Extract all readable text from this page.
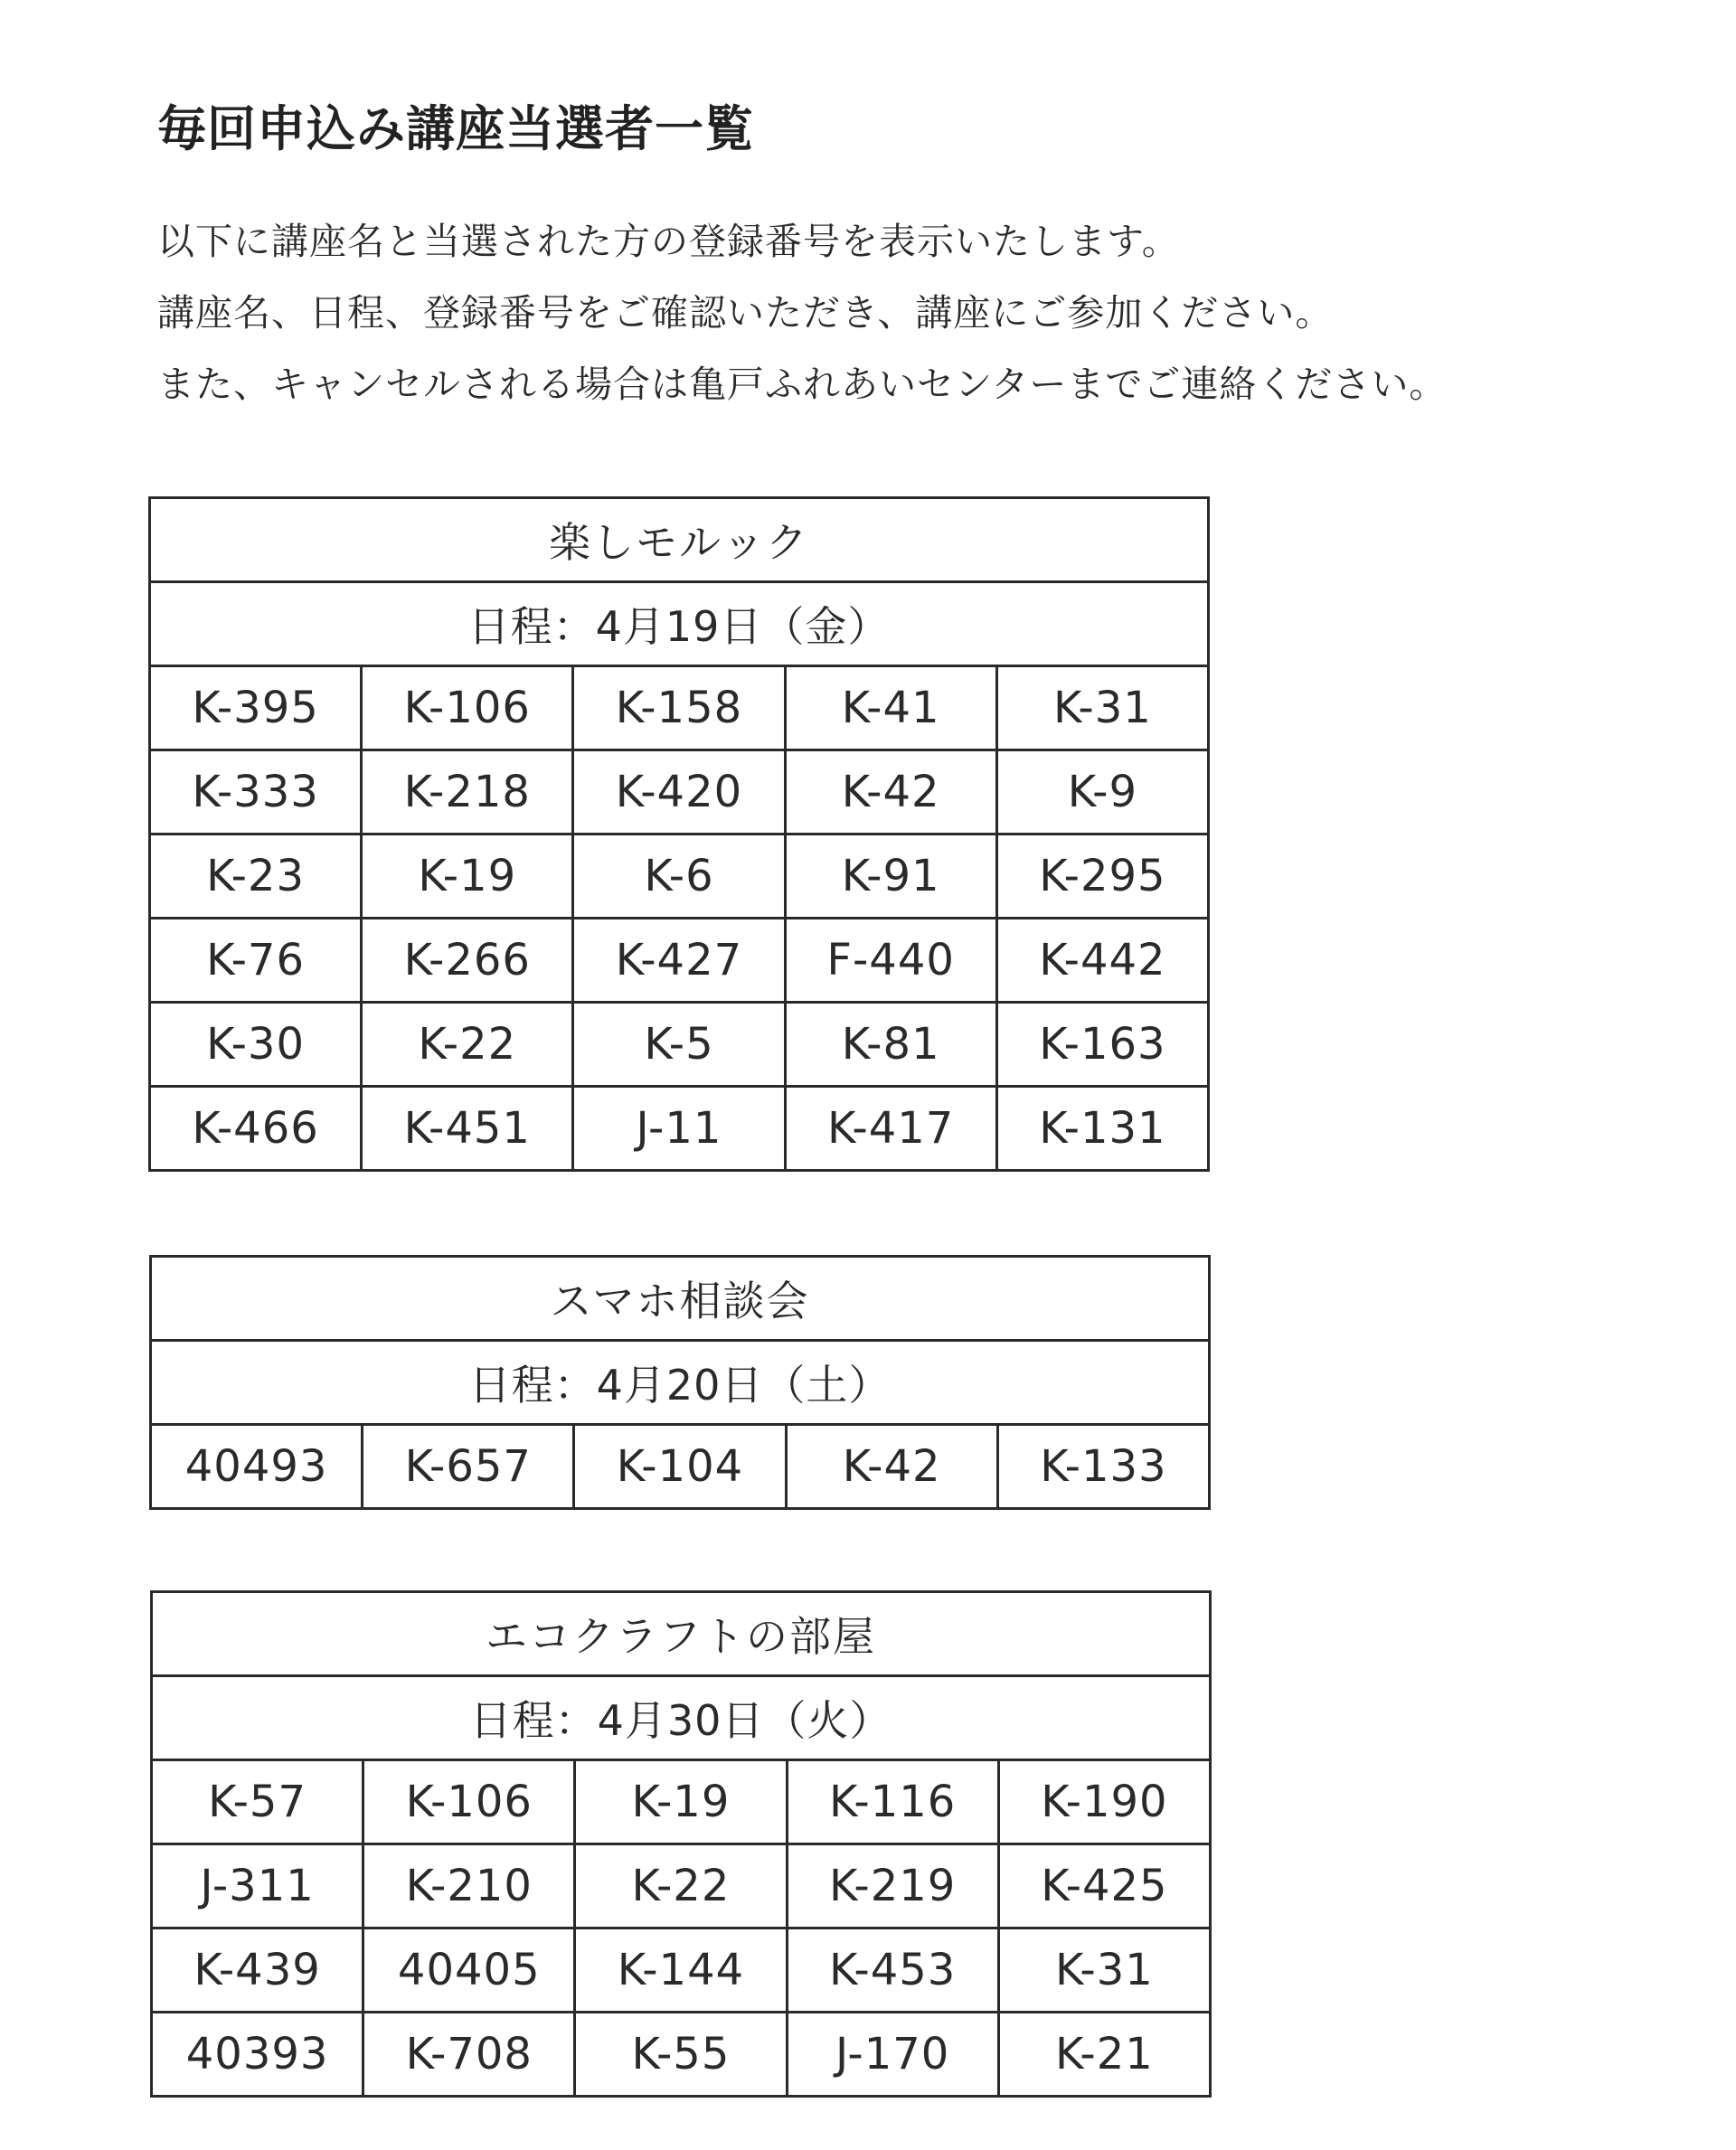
毎回申込み講座当選者一覧
以下に講座名と当選された方の登録番号を表示いたします。
講座名、日程、登録番号をご確認いただき、講座にご参加ください。
また、キャンセルされる場合は亀戸ふれあいセンターまでご連絡ください。
楽しモルック				
日程：4月19日（金）				
K-395	K-106	K-158	K-41	K-31
K-333	K-218	K-420	K-42	K-9
K-23	K-19	K-6	K-91	K-295
K-76	K-266	K-427	F-440	K-442
K-30	K-22	K-5	K-81	K-163
K-466	K-451	J-11	K-417	K-131
スマホ相談会
日程：4月20日（土）
40493	K-657	K-104	K-42	K-133
エコクラフトの部屋				
日程：4月30日（火）				
K-57	K-106	K-19	K-116	K-190
J-311	K-210	K-22	K-219	K-425
K-439	40405	K-144	K-453	K-31
40393	K-708	K-55	J-170	K-21
